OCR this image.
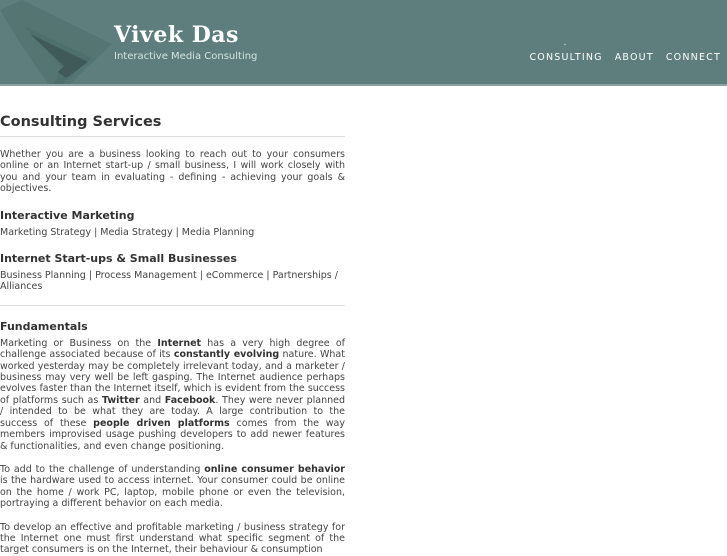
Vivek Das
Interactive Media Consulting
ˇ
CONSULTING ABOUT CONNECT
Consulting Services

Whether you are a business looking to reach out to your consumers online or an Internet start-up / small business, I will work closely with you and your team in evaluating - defining - achieving your goals & objectives.

Interactive Marketing
Marketing Strategy | Media Strategy | Media Planning
Internet Start-ups & Small Businesses
Business Planning | Process Management | eCommerce | Partnerships / Alliances
Fundamentals

Marketing or Business on the Internet has a very high degree of challenge associated because of its constantly evolving nature. What worked yesterday may be completely irrelevant today, and a marketer / business may very well be left gasping. The Internet audience perhaps evolves faster than the Internet itself, which is evident from the success of platforms such as Twitter and Facebook. They were never planned / intended to be what they are today. A large contribution to the success of these people driven platforms comes from the way members improvised usage pushing developers to add newer features & functionalities, and even change positioning.

To add to the challenge of understanding online consumer behavior is the hardware used to access internet. Your consumer could be online on the home / work PC, laptop, mobile phone or even the television, portraying a different behavior on each media.

To develop an effective and profitable marketing / business strategy for the Internet one must first understand what specific segment of the target consumers is on the Internet, their behaviour & consumption
